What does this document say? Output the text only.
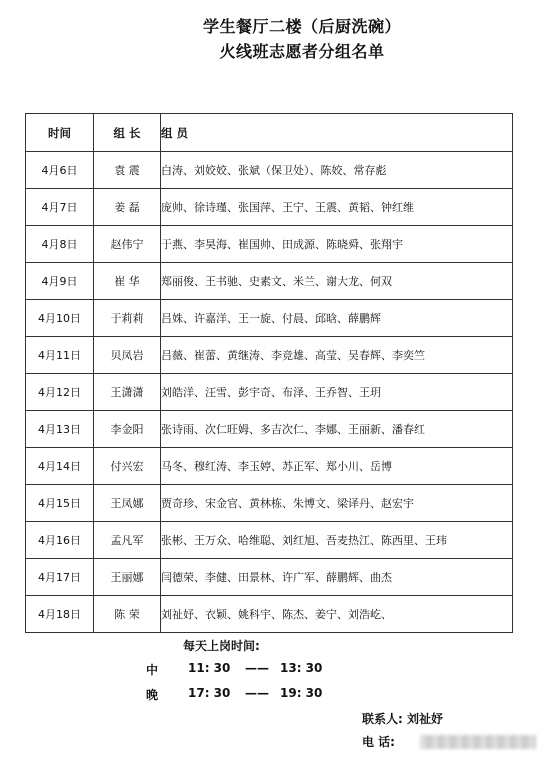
学生餐厅二楼（后厨洗碗）
火线班志愿者分组名单
时间	组 长	组 员
4月6日	袁 震	白涛、刘姣姣、张斌（保卫处）、陈姣、常存彪
4月7日	姜 磊	庞帅、徐诗瑾、张国萍、王宁、王震、黄韬、钟红维
4月8日	赵伟宁	于燕、李昊海、崔国帅、田成源、陈晓舜、张翔宇
4月9日	崔 华	郑丽俊、王书驰、史素文、米兰、谢大龙、何双
4月10日	于莉莉	吕姝、许嘉洋、王一旋、付晨、邱晗、薛鹏辉
4月11日	贝凤岩	吕薇、崔蕾、黄继涛、李竞雄、高莹、吴春辉、李奕竺
4月12日	王潇潇	刘皓洋、汪雪、彭宇奇、布泽、王乔智、王玥
4月13日	李金阳	张诗雨、次仁旺姆、多吉次仁、李娜、王丽新、潘春红
4月14日	付兴宏	马冬、穆红涛、李玉婷、苏正军、郑小川、岳博
4月15日	王凤娜	贾奇珍、宋金官、黄林栋、朱博文、梁译丹、赵宏宇
4月16日	孟凡军	张彬、王万众、哈维聪、刘红旭、吾麦热江、陈西里、王玮
4月17日	王丽娜	闫德荣、李健、田景林、许广军、薛鹏辉、曲杰
4月18日	陈 荣	刘祉妤、衣颖、姚科宇、陈杰、姜宁、刘浩屹、
每天上岗时间:
中 11: 30 —— 13: 30
晚 17: 30 —— 19: 30
联系人: 刘祉妤
电 话:
